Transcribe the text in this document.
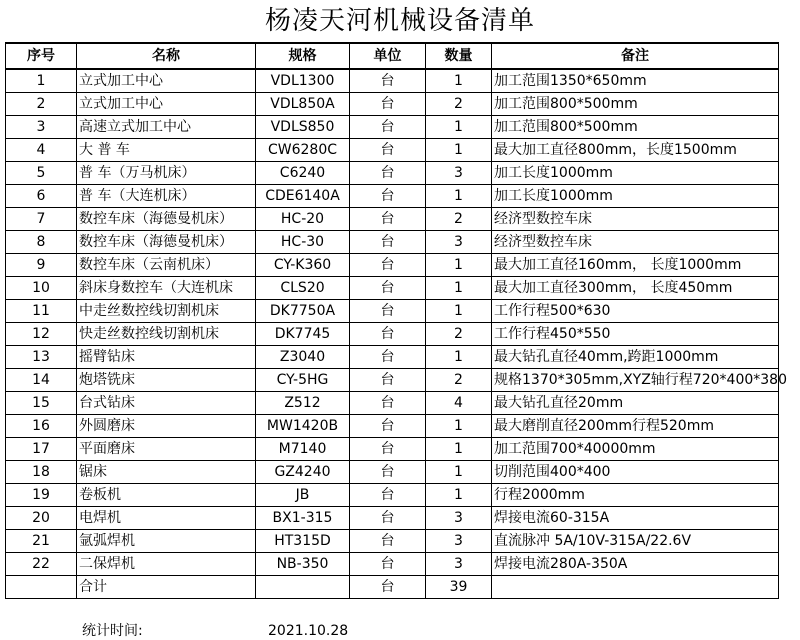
杨凌天河机械设备清单
序号	名称	规格	单位	数量	备注
1	立式加工中心	VDL1300	台	1	加工范围1350*650mm
2	立式加工中心	VDL850A	台	2	加工范围800*500mm
3	高速立式加工中心	VDLS850	台	1	加工范围800*500mm
4	大 普 车	CW6280C	台	1	最大加工直径800mm，长度1500mm
5	普 车（万马机床）	C6240	台	3	加工长度1000mm
6	普 车（大连机床）	CDE6140A	台	1	加工长度1000mm
7	数控车床（海德曼机床）	HC-20	台	2	经济型数控车床
8	数控车床（海德曼机床）	HC-30	台	3	经济型数控车床
9	数控车床（云南机床）	CY-K360	台	1	最大加工直径160mm， 长度1000mm
10	斜床身数控车（大连机床	CLS20	台	1	最大加工直径300mm， 长度450mm
11	中走丝数控线切割机床	DK7750A	台	1	工作行程500*630
12	快走丝数控线切割机床	DK7745	台	2	工作行程450*550
13	摇臂钻床	Z3040	台	1	最大钻孔直径40mm,跨距1000mm
14	炮塔铣床	CY-5HG	台	2	规格1370*305mm,XYZ轴行程720*400*380
15	台式钻床	Z512	台	4	最大钻孔直径20mm
16	外圆磨床	MW1420B	台	1	最大磨削直径200mm行程520mm
17	平面磨床	M7140	台	1	加工范围700*40000mm
18	锯床	GZ4240	台	1	切削范围400*400
19	卷板机	JB	台	1	行程2000mm
20	电焊机	BX1-315	台	3	焊接电流60-315A
21	氩弧焊机	HT315D	台	3	直流脉冲 5A/10V-315A/22.6V
22	二保焊机	NB-350	台	3	焊接电流280A-350A
	合计		台	39	
统计时间:	2021.10.28
